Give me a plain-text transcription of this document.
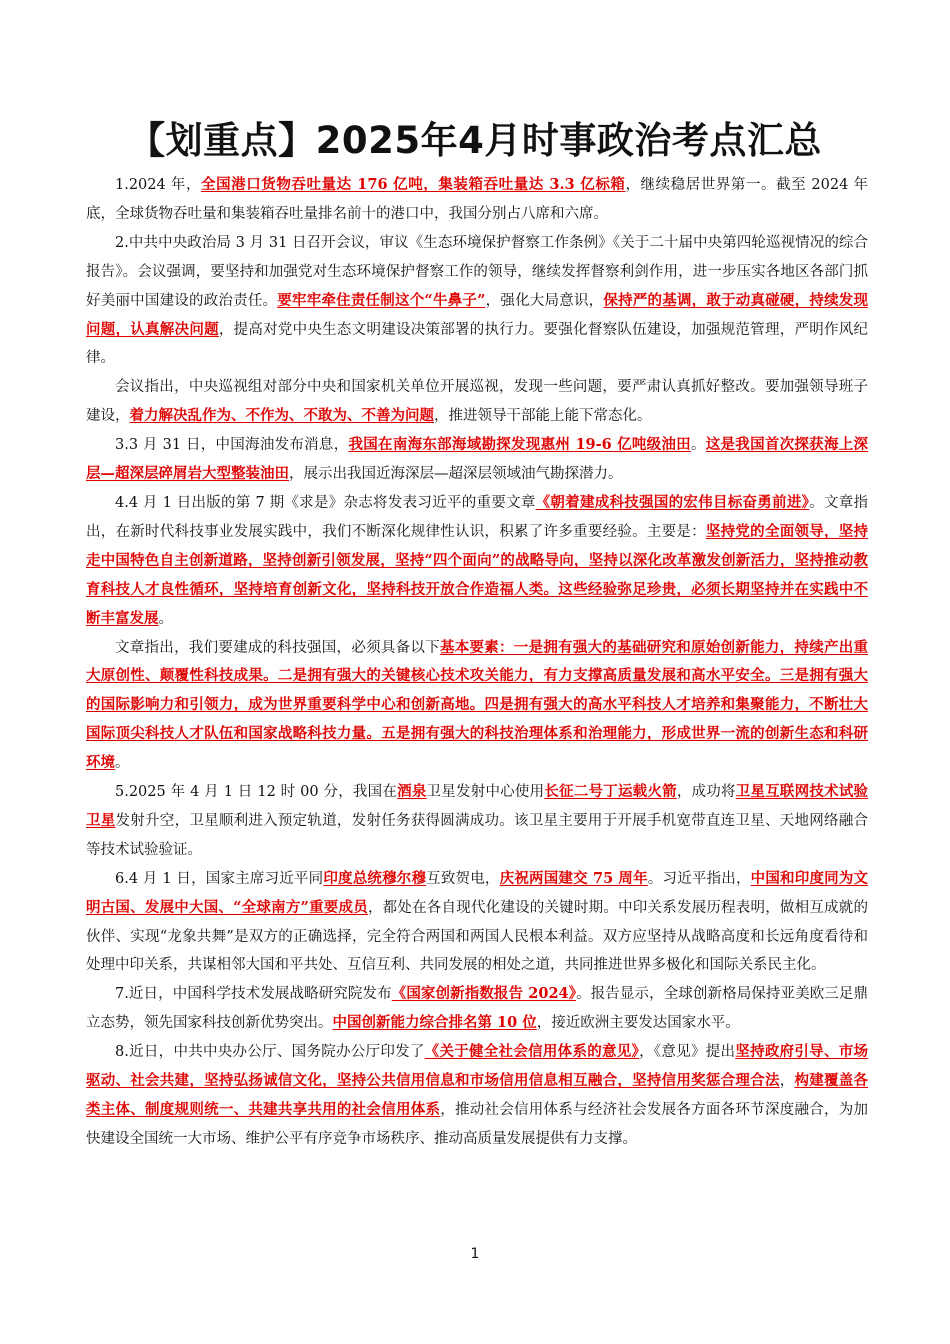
【划重点】2025年4月时事政治考点汇总

1.2024 年，全国港口货物吞吐量达 176 亿吨，集装箱吞吐量达 3.3 亿标箱，继续稳居世界第一。截至 2024 年底，全球货物吞吐量和集装箱吞吐量排名前十的港口中，我国分别占八席和六席。

2.中共中央政治局 3 月 31 日召开会议，审议《生态环境保护督察工作条例》《关于二十届中央第四轮巡视情况的综合报告》。会议强调，要坚持和加强党对生态环境保护督察工作的领导，继续发挥督察利剑作用，进一步压实各地区各部门抓好美丽中国建设的政治责任。要牢牢牵住责任制这个“牛鼻子”，强化大局意识，保持严的基调，敢于动真碰硬，持续发现问题，认真解决问题，提高对党中央生态文明建设决策部署的执行力。要强化督察队伍建设，加强规范管理，严明作风纪律。

会议指出，中央巡视组对部分中央和国家机关单位开展巡视，发现一些问题，要严肃认真抓好整改。要加强领导班子建设，着力解决乱作为、不作为、不敢为、不善为问题，推进领导干部能上能下常态化。

3.3 月 31 日，中国海油发布消息，我国在南海东部海域勘探发现惠州 19-6 亿吨级油田。这是我国首次探获海上深层—超深层碎屑岩大型整装油田，展示出我国近海深层—超深层领域油气勘探潜力。

4.4 月 1 日出版的第 7 期《求是》杂志将发表习近平的重要文章《朝着建成科技强国的宏伟目标奋勇前进》。文章指出，在新时代科技事业发展实践中，我们不断深化规律性认识，积累了许多重要经验。主要是：坚持党的全面领导，坚持走中国特色自主创新道路，坚持创新引领发展，坚持“四个面向”的战略导向，坚持以深化改革激发创新活力，坚持推动教育科技人才良性循环，坚持培育创新文化，坚持科技开放合作造福人类。这些经验弥足珍贵，必须长期坚持并在实践中不断丰富发展。

文章指出，我们要建成的科技强国，必须具备以下基本要素：一是拥有强大的基础研究和原始创新能力，持续产出重大原创性、颠覆性科技成果。二是拥有强大的关键核心技术攻关能力，有力支撑高质量发展和高水平安全。三是拥有强大的国际影响力和引领力，成为世界重要科学中心和创新高地。四是拥有强大的高水平科技人才培养和集聚能力，不断壮大国际顶尖科技人才队伍和国家战略科技力量。五是拥有强大的科技治理体系和治理能力，形成世界一流的创新生态和科研环境。

5.2025 年 4 月 1 日 12 时 00 分，我国在酒泉卫星发射中心使用长征二号丁运载火箭，成功将卫星互联网技术试验卫星发射升空，卫星顺利进入预定轨道，发射任务获得圆满成功。该卫星主要用于开展手机宽带直连卫星、天地网络融合等技术试验验证。

6.4 月 1 日，国家主席习近平同印度总统穆尔穆互致贺电，庆祝两国建交 75 周年。习近平指出，中国和印度同为文明古国、发展中大国、“全球南方”重要成员，都处在各自现代化建设的关键时期。中印关系发展历程表明，做相互成就的伙伴、实现“龙象共舞”是双方的正确选择，完全符合两国和两国人民根本利益。双方应坚持从战略高度和长远角度看待和处理中印关系，共谋相邻大国和平共处、互信互利、共同发展的相处之道，共同推进世界多极化和国际关系民主化。

7.近日，中国科学技术发展战略研究院发布《国家创新指数报告 2024》。报告显示，全球创新格局保持亚美欧三足鼎立态势，领先国家科技创新优势突出。中国创新能力综合排名第 10 位，接近欧洲主要发达国家水平。

8.近日，中共中央办公厅、国务院办公厅印发了《关于健全社会信用体系的意见》，《意见》提出坚持政府引导、市场驱动、社会共建，坚持弘扬诚信文化，坚持公共信用信息和市场信用信息相互融合，坚持信用奖惩合理合法，构建覆盖各类主体、制度规则统一、共建共享共用的社会信用体系，推动社会信用体系与经济社会发展各方面各环节深度融合，为加快建设全国统一大市场、维护公平有序竞争市场秩序、推动高质量发展提供有力支撑。

1
